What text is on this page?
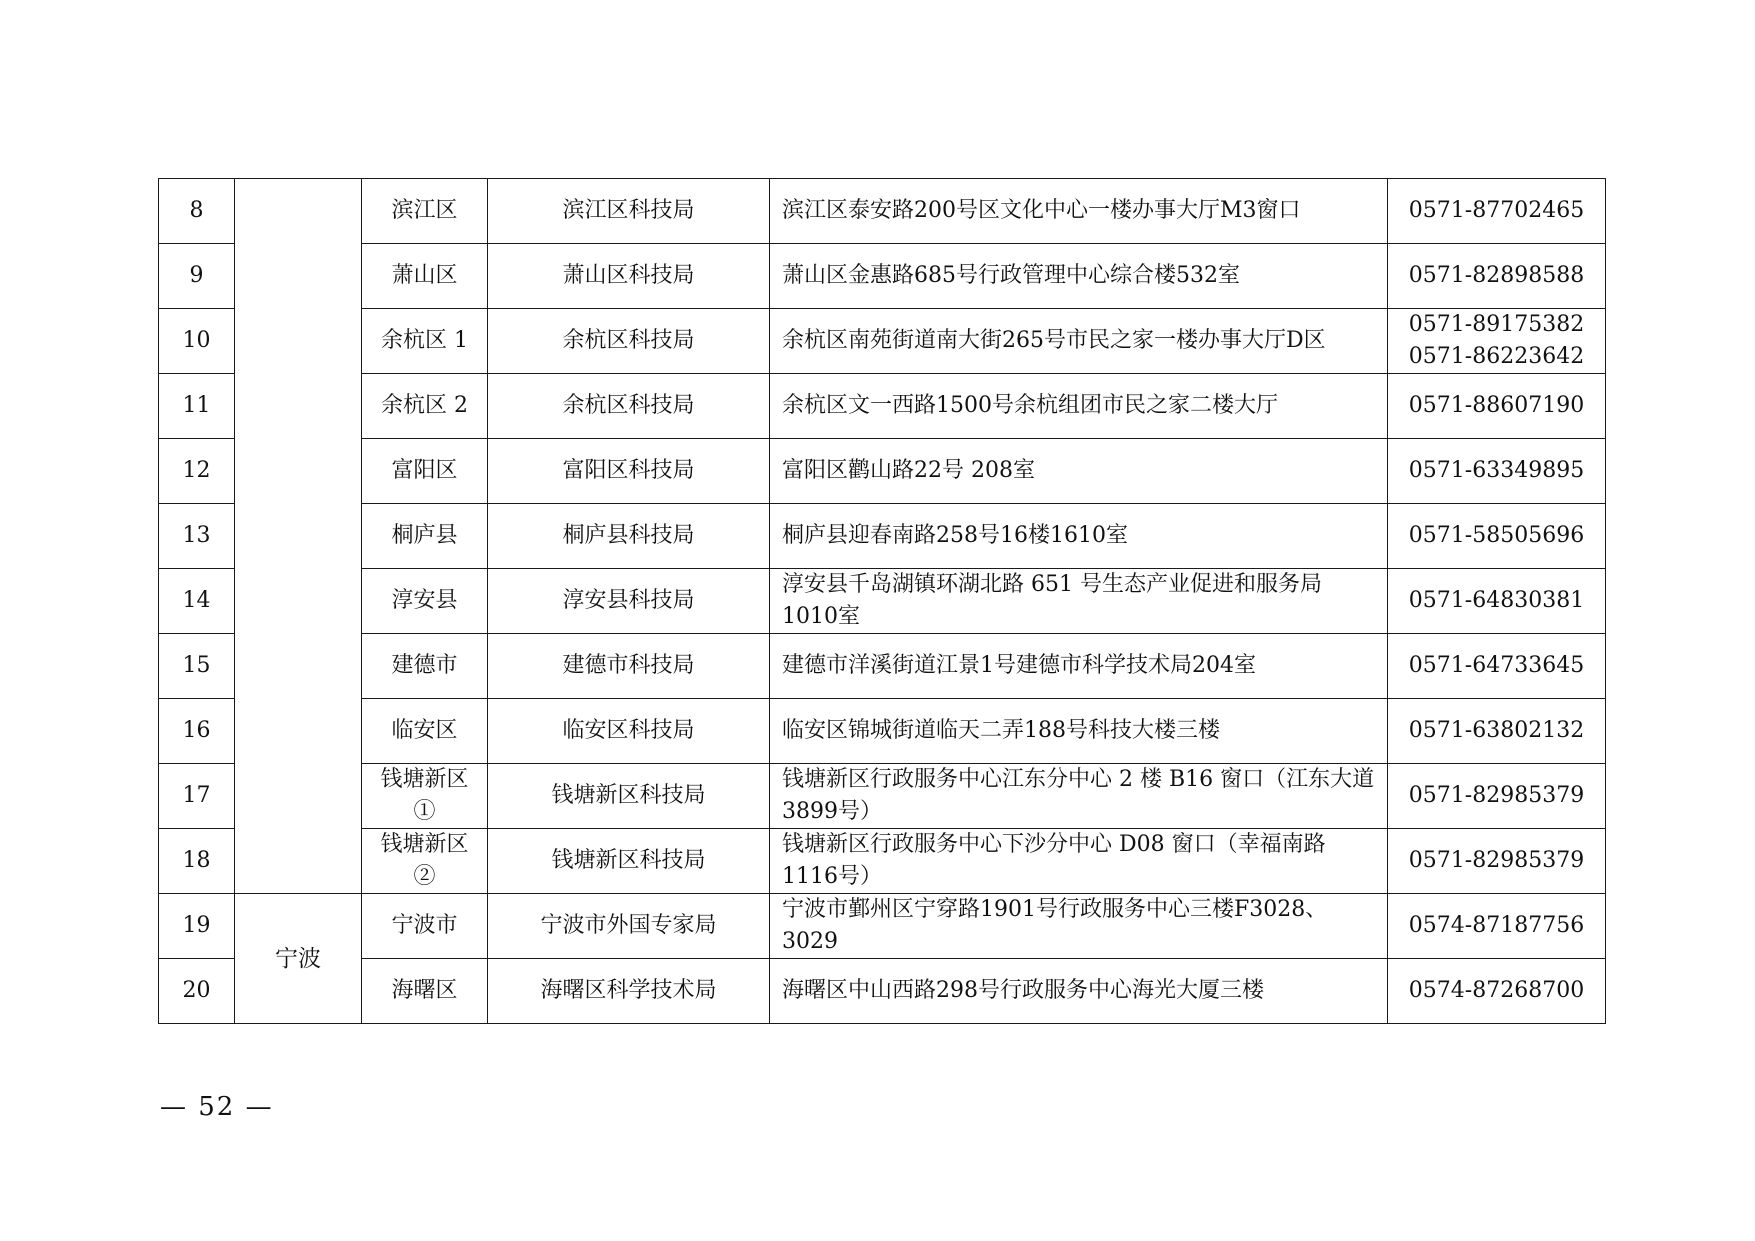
8		滨江区	滨江区科技局	滨江区泰安路200号区文化中心一楼办事大厅M3窗口	0571-87702465

9		萧山区	萧山区科技局	萧山区金惠路685号行政管理中心综合楼532室	0571-82898588

10		余杭区 1	余杭区科技局	余杭区南苑街道南大街265号市民之家一楼办事大厅D区	0571-89175382
0571-86223642

11		余杭区 2	余杭区科技局	余杭区文一西路1500号余杭组团市民之家二楼大厅	0571-88607190

12		富阳区	富阳区科技局	富阳区鹳山路22号 208室	0571-63349895

13		桐庐县	桐庐县科技局	桐庐县迎春南路258号16楼1610室	0571-58505696

14		淳安县	淳安县科技局	淳安县千岛湖镇环湖北路 651 号生态产业促进和服务局1010室	0571-64830381

15		建德市	建德市科技局	建德市洋溪街道江景1号建德市科学技术局204室	0571-64733645

16		临安区	临安区科技局	临安区锦城街道临天二弄188号科技大楼三楼	0571-63802132

17		钱塘新区①	钱塘新区科技局	钱塘新区行政服务中心江东分中心 2 楼 B16 窗口（江东大道3899号）	0571-82985379

18		钱塘新区②	钱塘新区科技局	钱塘新区行政服务中心下沙分中心 D08 窗口（幸福南路1116号）	0571-82985379

19	宁波	宁波市	宁波市外国专家局	宁波市鄞州区宁穿路1901号行政服务中心三楼F3028、3029	0574-87187756

20		海曙区	海曙区科学技术局	海曙区中山西路298号行政服务中心海光大厦三楼	0574-87268700
— 52 —
